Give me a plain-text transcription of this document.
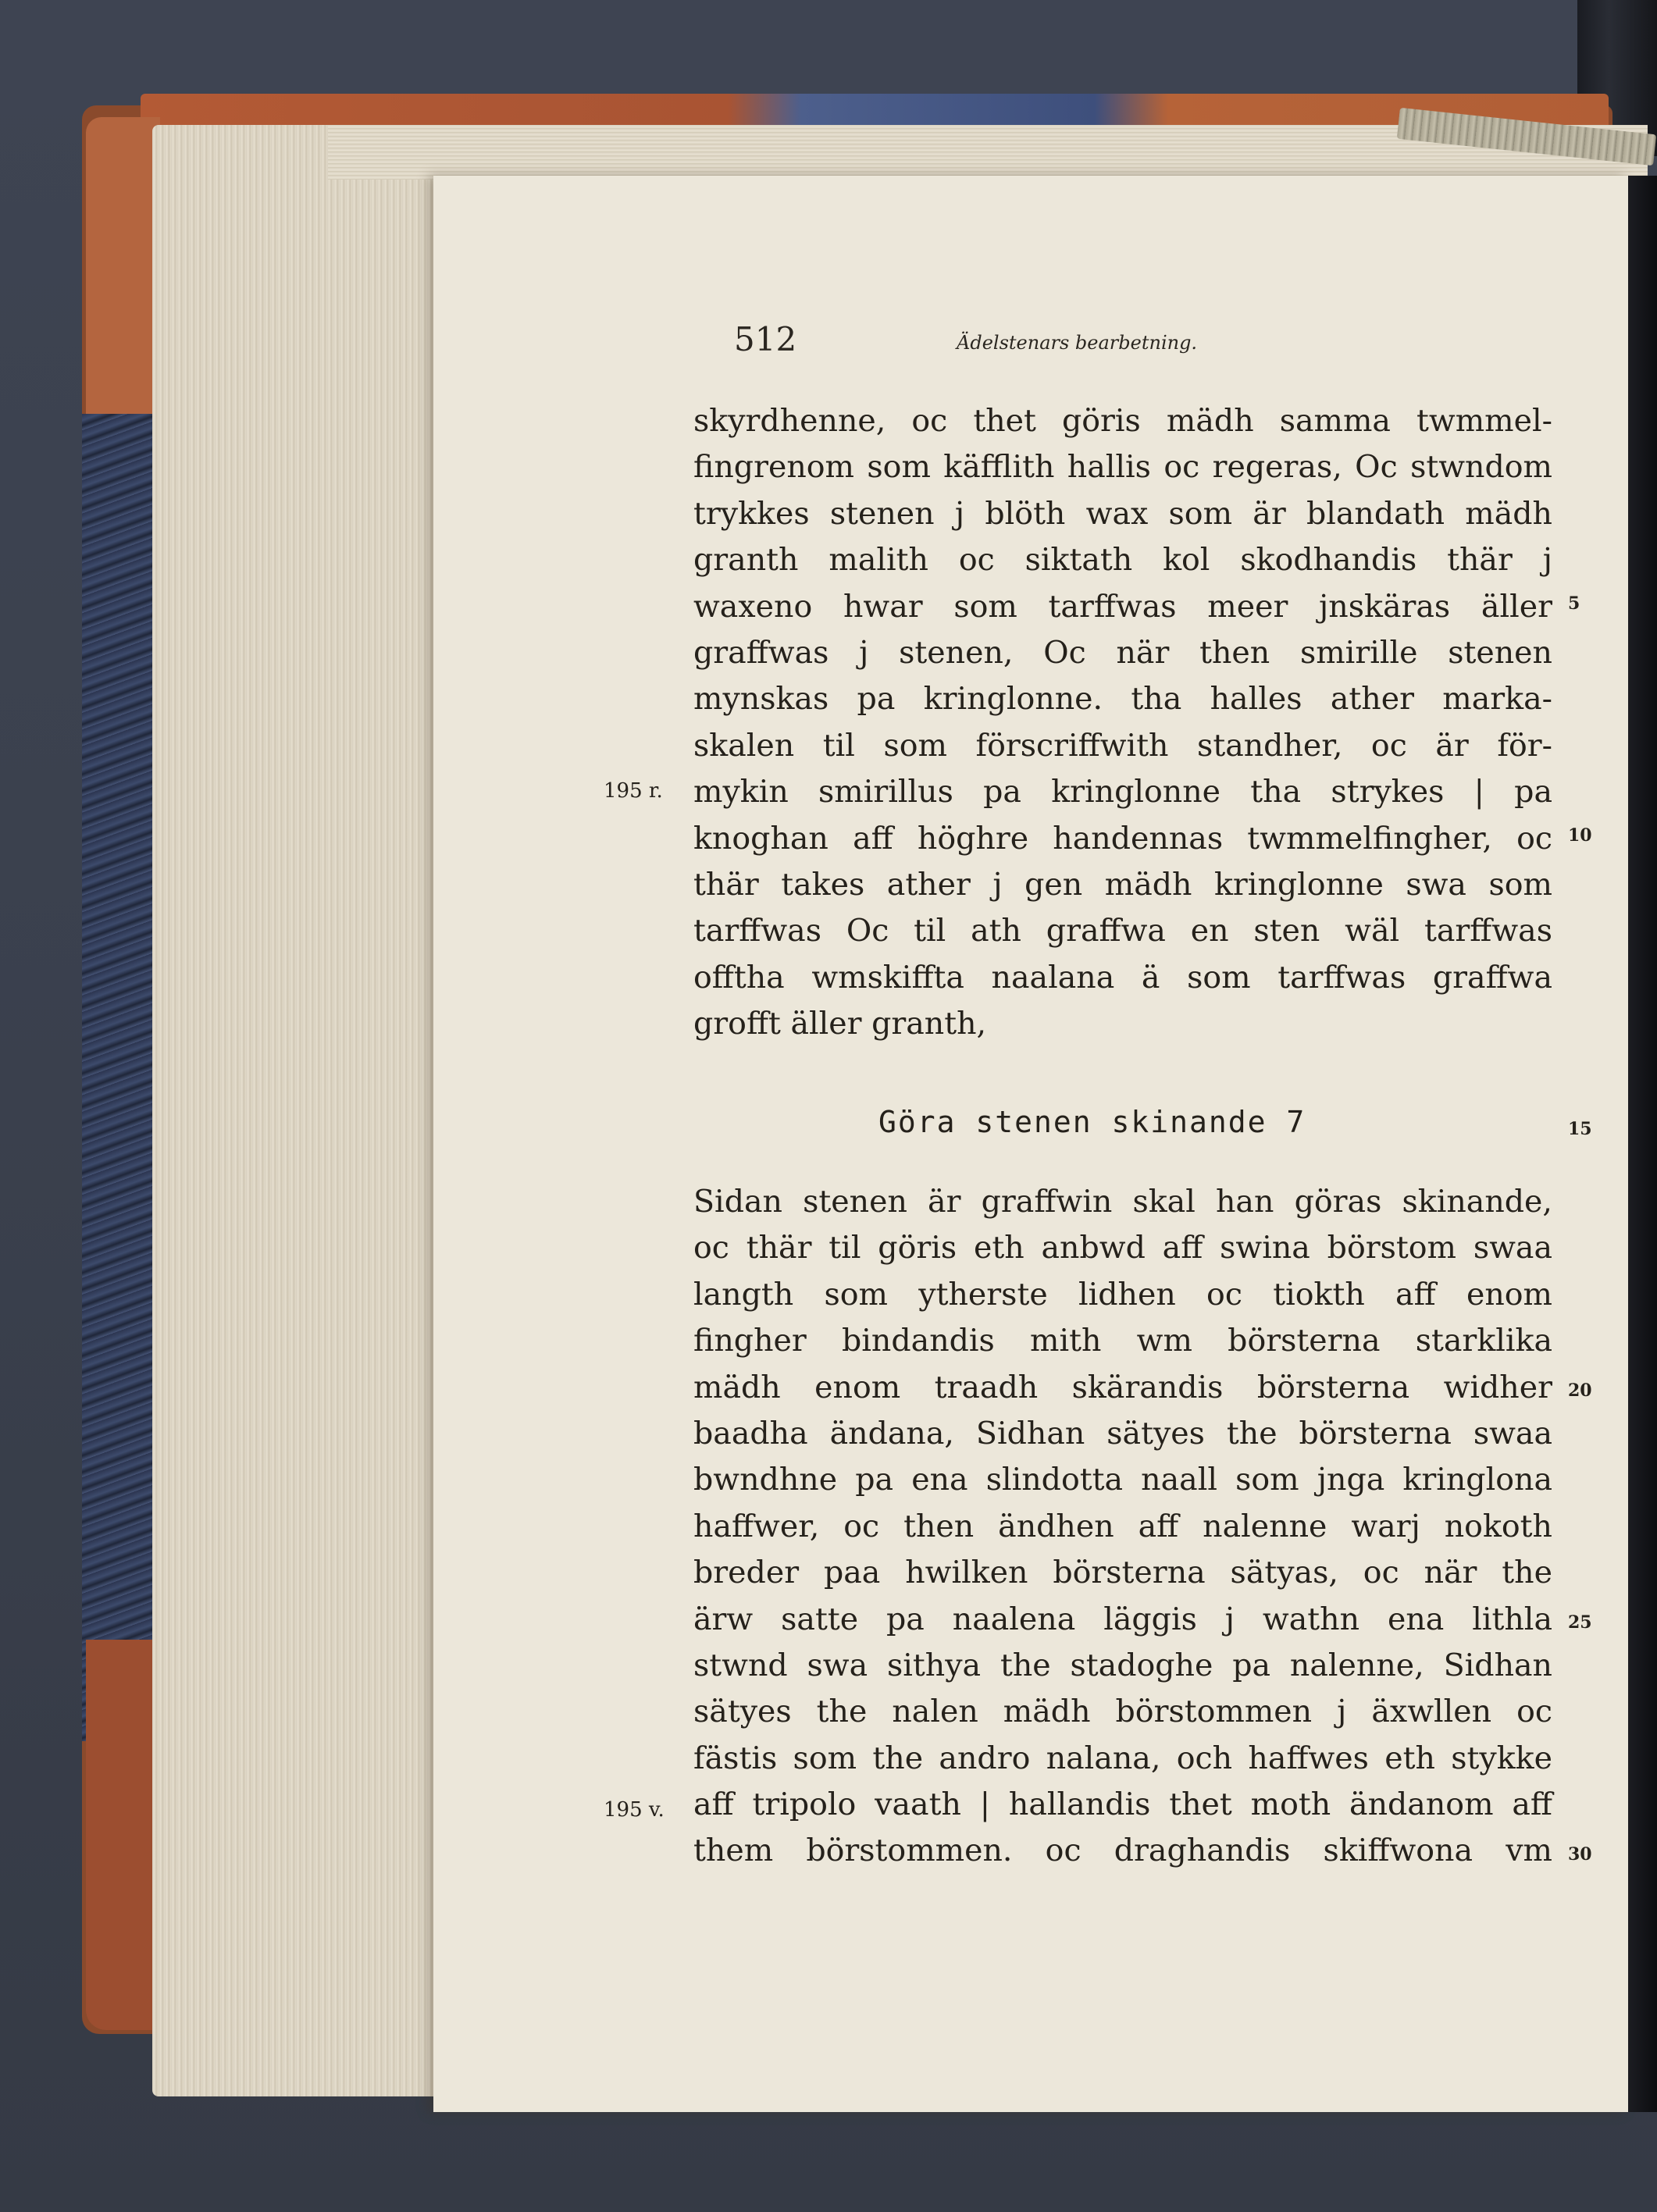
512	Ädelstenars bearbetning.
skyrdhenne, oc thet göris mädh samma twmmel-
fingrenom som käfflith hallis oc regeras, Oc stwndom
trykkes stenen j blöth wax som är blandath mädh
granth malith oc siktath kol skodhandis thär j
waxeno hwar som tarffwas meer jnskäras äller
graffwas j stenen, Oc när then smirille stenen
mynskas pa kringlonne. tha halles ather marka-
skalen til som förscriffwith standher, oc är för-
mykin smirillus pa kringlonne tha strykes | pa
knoghan aff höghre handennas twmmelfingher, oc
thär takes ather j gen mädh kringlonne swa som
tarffwas Oc til ath graffwa en sten wäl tarffwas
offtha wmskiffta naalana ä som tarffwas graffwa
grofft äller granth,
Göra stenen skinande 7
Sidan stenen är graffwin skal han göras skinande,
oc thär til göris eth anbwd aff swina börstom swaa
langth som ytherste lidhen oc tiokth aff enom
fingher bindandis mith wm börsterna starklika
mädh enom traadh skärandis börsterna widher
baadha ändana, Sidhan sätyes the börsterna swaa
bwndhne pa ena slindotta naall som jnga kringlona
haffwer, oc then ändhen aff nalenne warj nokoth
breder paa hwilken börsterna sätyas, oc när the
ärw satte pa naalena läggis j wathn ena lithla
stwnd swa sithya the stadoghe pa nalenne, Sidhan
sätyes the nalen mädh börstommen j äxwllen oc
fästis som the andro nalana, och haffwes eth stykke
aff tripolo vaath | hallandis thet moth ändanom aff
them börstommen. oc draghandis skiffwona vm
5
10
15
20
25
30
195 r.
195 v.
